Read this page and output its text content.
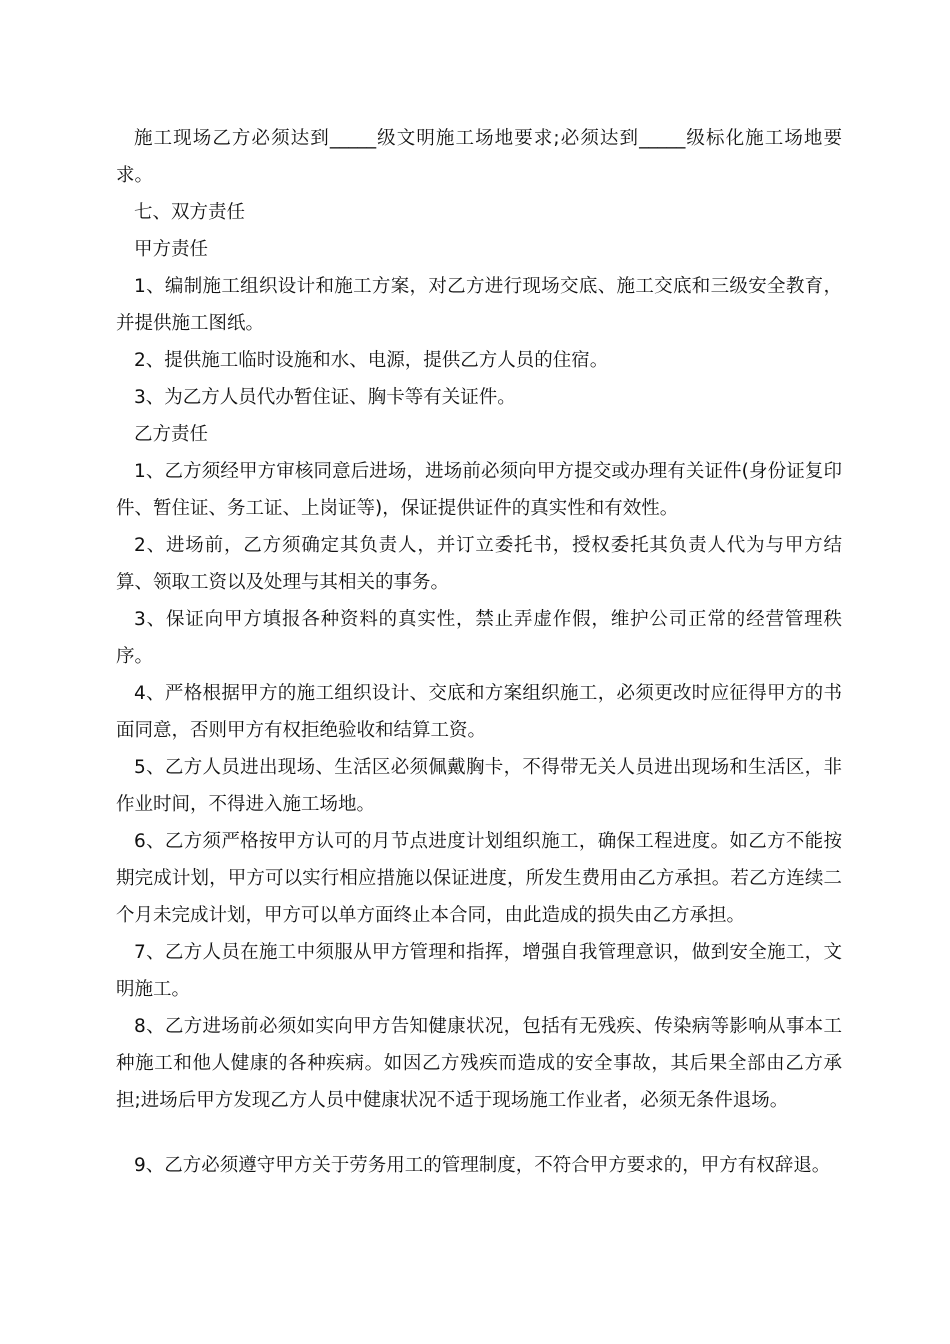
施工现场乙方必须达到_____级文明施工场地要求;必须达到_____级标化施工场地要求。

七、双方责任

甲方责任

1、编制施工组织设计和施工方案，对乙方进行现场交底、施工交底和三级安全教育，并提供施工图纸。

2、提供施工临时设施和水、电源，提供乙方人员的住宿。

3、为乙方人员代办暂住证、胸卡等有关证件。

乙方责任

1、乙方须经甲方审核同意后进场，进场前必须向甲方提交或办理有关证件(身份证复印件、暂住证、务工证、上岗证等)，保证提供证件的真实性和有效性。

2、进场前，乙方须确定其负责人，并订立委托书，授权委托其负责人代为与甲方结算、领取工资以及处理与其相关的事务。

3、保证向甲方填报各种资料的真实性，禁止弄虚作假，维护公司正常的经营管理秩序。

4、严格根据甲方的施工组织设计、交底和方案组织施工，必须更改时应征得甲方的书面同意，否则甲方有权拒绝验收和结算工资。

5、乙方人员进出现场、生活区必须佩戴胸卡，不得带无关人员进出现场和生活区，非作业时间，不得进入施工场地。

6、乙方须严格按甲方认可的月节点进度计划组织施工，确保工程进度。如乙方不能按期完成计划，甲方可以实行相应措施以保证进度，所发生费用由乙方承担。若乙方连续二个月未完成计划，甲方可以单方面终止本合同，由此造成的损失由乙方承担。

7、乙方人员在施工中须服从甲方管理和指挥，增强自我管理意识，做到安全施工，文明施工。

8、乙方进场前必须如实向甲方告知健康状况，包括有无残疾、传染病等影响从事本工种施工和他人健康的各种疾病。如因乙方残疾而造成的安全事故，其后果全部由乙方承担;进场后甲方发现乙方人员中健康状况不适于现场施工作业者，必须无条件退场。

9、乙方必须遵守甲方关于劳务用工的管理制度，不符合甲方要求的，甲方有权辞退。
